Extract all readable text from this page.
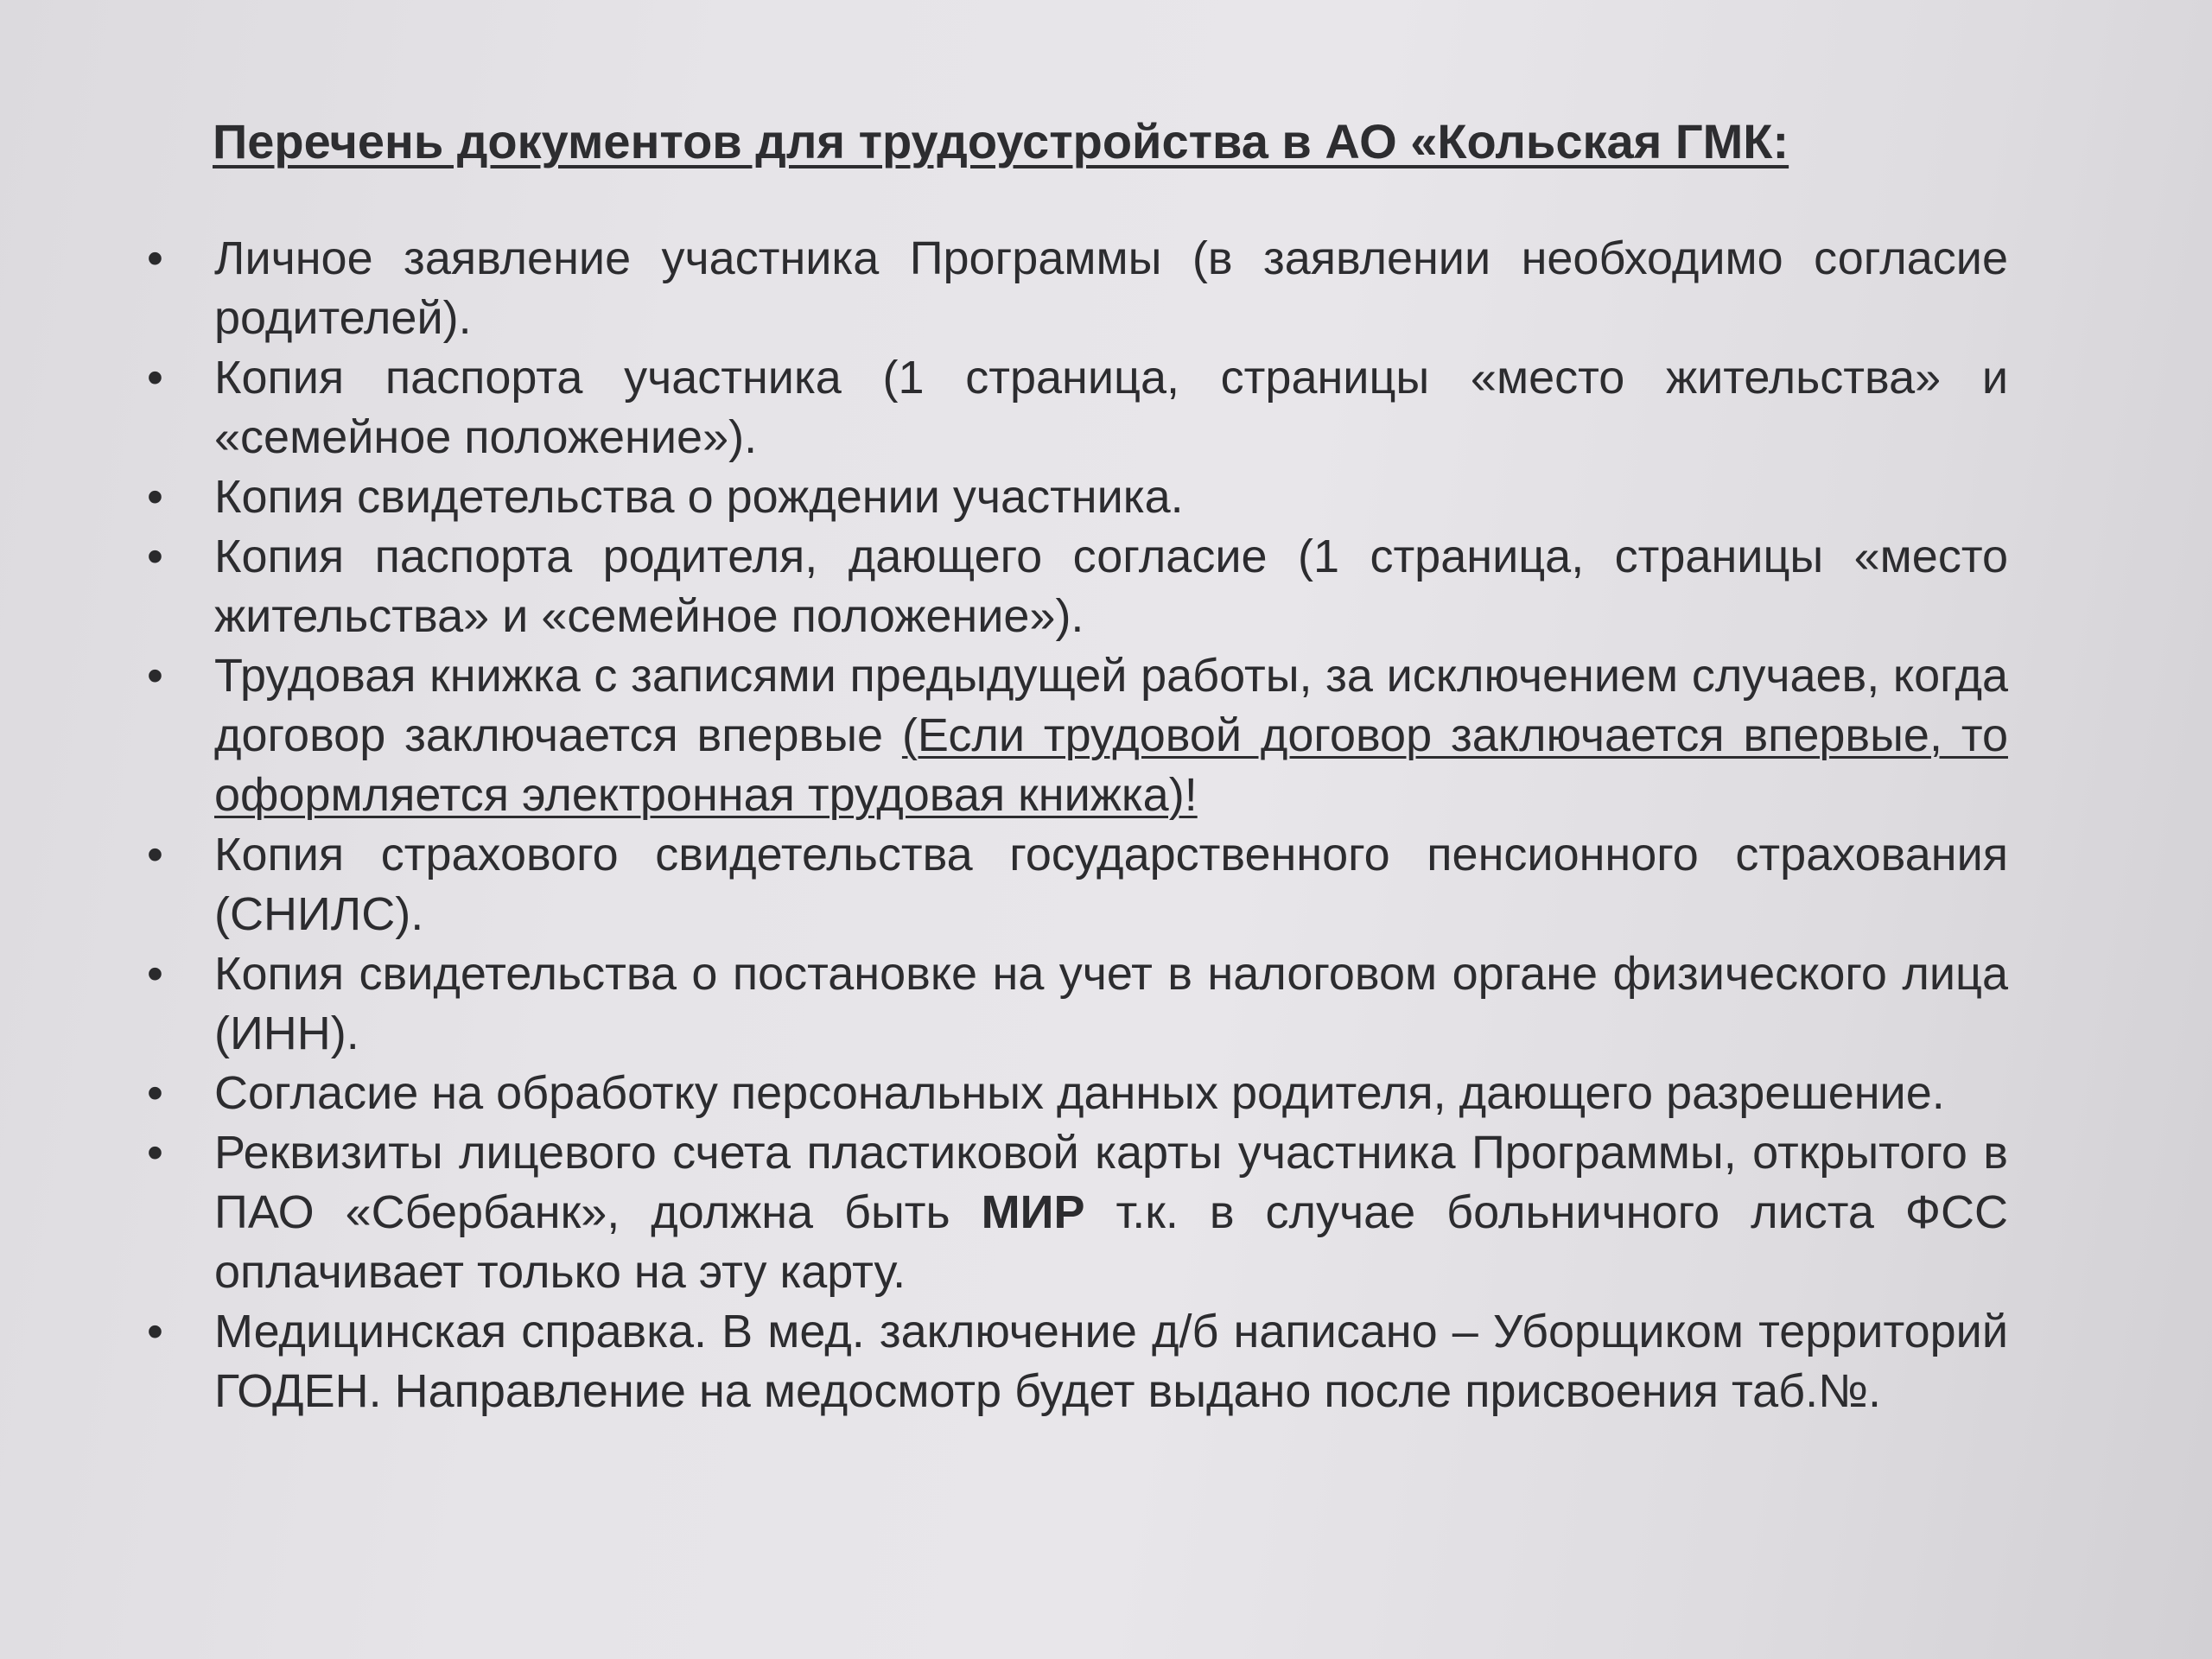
Перечень документов для трудоустройства в АО «Кольская ГМК:
•	Личное заявление участника Программы (в заявлении необходимо согласие родителей).
•	Копия паспорта участника (1 страница, страницы «место жительства» и «семейное положение»).
•	Копия свидетельства о рождении участника.
•	Копия паспорта родителя, дающего согласие (1 страница, страницы «место жительства» и «семейное положение»).
•	Трудовая книжка с записями предыдущей работы, за исключением случаев, когда договор заключается впервые (Если трудовой договор заключается впервые, то оформляется электронная трудовая книжка)!
•	Копия страхового свидетельства государственного пенсионного страхования (СНИЛС).
•	Копия свидетельства о постановке на учет в налоговом органе физического лица (ИНН).
•	Согласие на обработку персональных данных родителя, дающего разрешение.
•	Реквизиты лицевого счета пластиковой карты участника Программы, открытого в ПАО «Сбербанк», должна быть МИР т.к. в случае больничного листа ФСС оплачивает только на эту карту.
•	Медицинская справка. В мед. заключение д/б написано – Уборщиком территорий ГОДЕН. Направление на медосмотр будет выдано после присвоения таб.№.
